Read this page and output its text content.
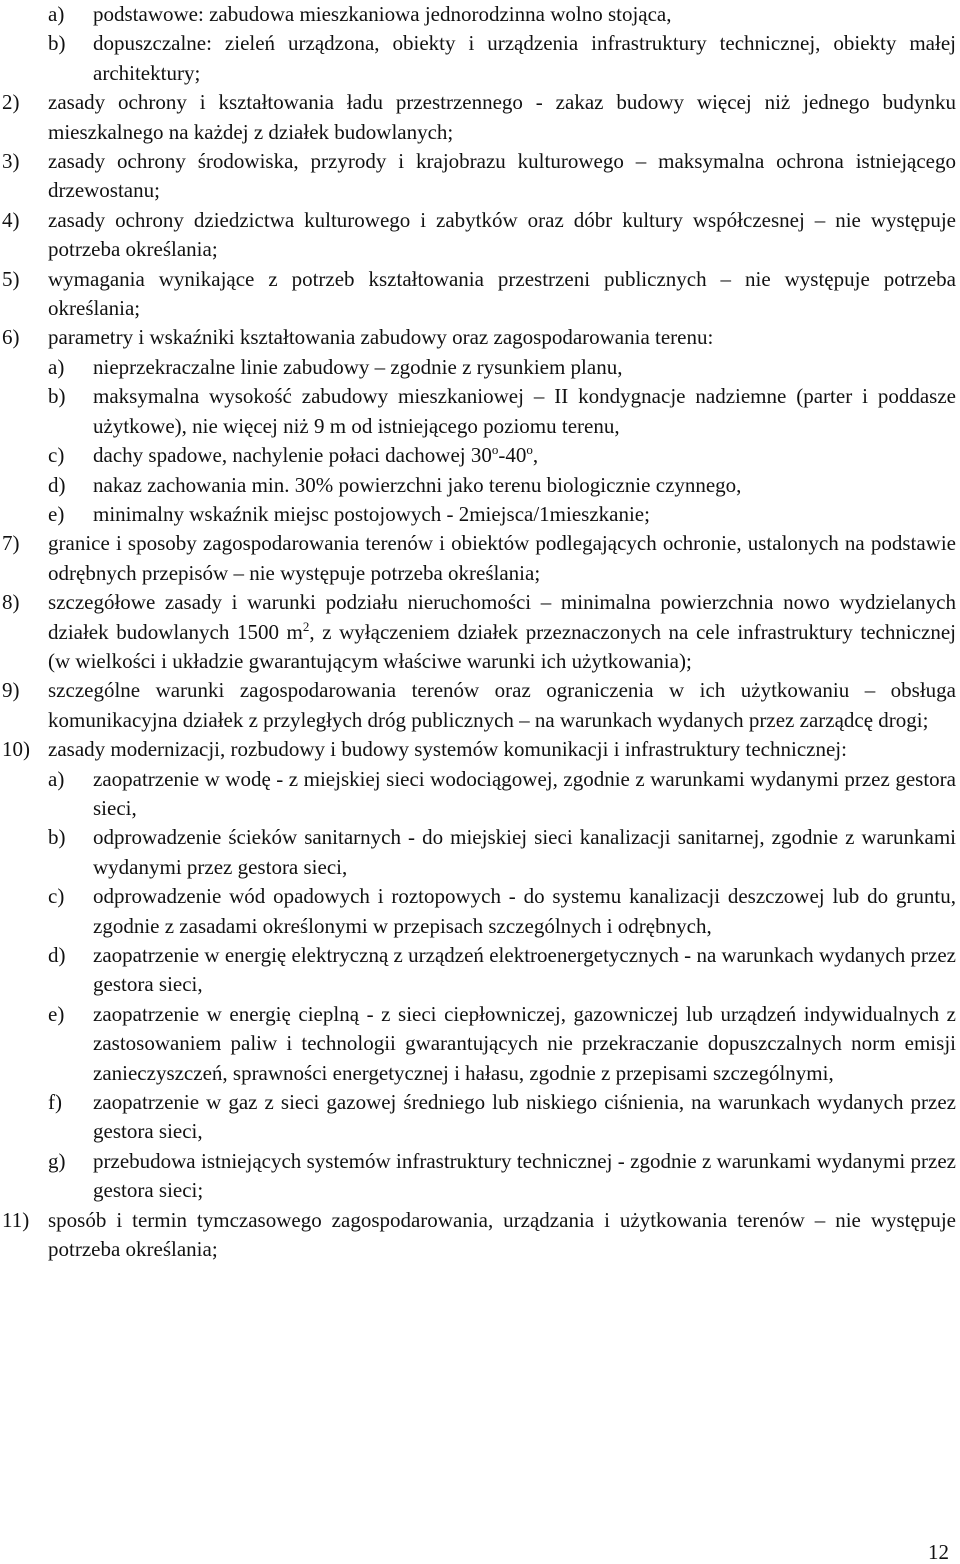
a) podstawowe: zabudowa mieszkaniowa jednorodzinna wolno stojąca,
b) dopuszczalne: zieleń urządzona, obiekty i urządzenia infrastruktury technicznej, obiekty małej architektury;
2) zasady ochrony i kształtowania ładu przestrzennego - zakaz budowy więcej niż jednego budynku mieszkalnego na każdej z działek budowlanych;
3) zasady ochrony środowiska, przyrody i krajobrazu kulturowego – maksymalna ochrona istniejącego drzewostanu;
4) zasady ochrony dziedzictwa kulturowego i zabytków oraz dóbr kultury współczesnej – nie występuje potrzeba określania;
5) wymagania wynikające z potrzeb kształtowania przestrzeni publicznych – nie występuje potrzeba określania;
6) parametry i wskaźniki kształtowania zabudowy oraz zagospodarowania terenu:
a) nieprzekraczalne linie zabudowy – zgodnie z rysunkiem planu,
b) maksymalna wysokość zabudowy mieszkaniowej – II kondygnacje nadziemne (parter i poddasze użytkowe), nie więcej niż 9 m od istniejącego poziomu terenu,
c) dachy spadowe, nachylenie połaci dachowej 30$^o$-40$^o$,
d) nakaz zachowania min. 30% powierzchni jako terenu biologicznie czynnego,
e) minimalny wskaźnik miejsc postojowych - 2miejsca/1mieszkanie;
7) granice i sposoby zagospodarowania terenów i obiektów podlegających ochronie, ustalonych na podstawie odrębnych przepisów – nie występuje potrzeba określania;
8) szczegółowe zasady i warunki podziału nieruchomości – minimalna powierzchnia nowo wydzielanych działek budowlanych 1500 $m^2$, z wyłączeniem działek przeznaczonych na cele infrastruktury technicznej (w wielkości i układzie gwarantującym właściwe warunki ich użytkowania);
9) szczególne warunki zagospodarowania terenów oraz ograniczenia w ich użytkowaniu – obsługa komunikacyjna działek z przyległych dróg publicznych – na warunkach wydanych przez zarządcę drogi;
10) zasady modernizacji, rozbudowy i budowy systemów komunikacji i infrastruktury technicznej:
a) zaopatrzenie w wodę - z miejskiej sieci wodociągowej, zgodnie z warunkami wydanymi przez gestora sieci,
b) odprowadzenie ścieków sanitarnych - do miejskiej sieci kanalizacji sanitarnej, zgodnie z warunkami wydanymi przez gestora sieci,
c) odprowadzenie wód opadowych i roztopowych - do systemu kanalizacji deszczowej lub do gruntu, zgodnie z zasadami określonymi w przepisach szczególnych i odrębnych,
d) zaopatrzenie w energię elektryczną z urządzeń elektroenergetycznych - na warunkach wydanych przez gestora sieci,
e) zaopatrzenie w energię cieplną - z sieci ciepłowniczej, gazowniczej lub urządzeń indywidualnych z zastosowaniem paliw i technologii gwarantujących nie przekraczanie dopuszczalnych norm emisji zanieczyszczeń, sprawności energetycznej i hałasu, zgodnie z przepisami szczególnymi,
f) zaopatrzenie w gaz z sieci gazowej średniego lub niskiego ciśnienia, na warunkach wydanych przez gestora sieci,
g) przebudowa istniejących systemów infrastruktury technicznej - zgodnie z warunkami wydanymi przez gestora sieci;
11) sposób i termin tymczasowego zagospodarowania, urządzania i użytkowania terenów – nie występuje potrzeba określania;
12
